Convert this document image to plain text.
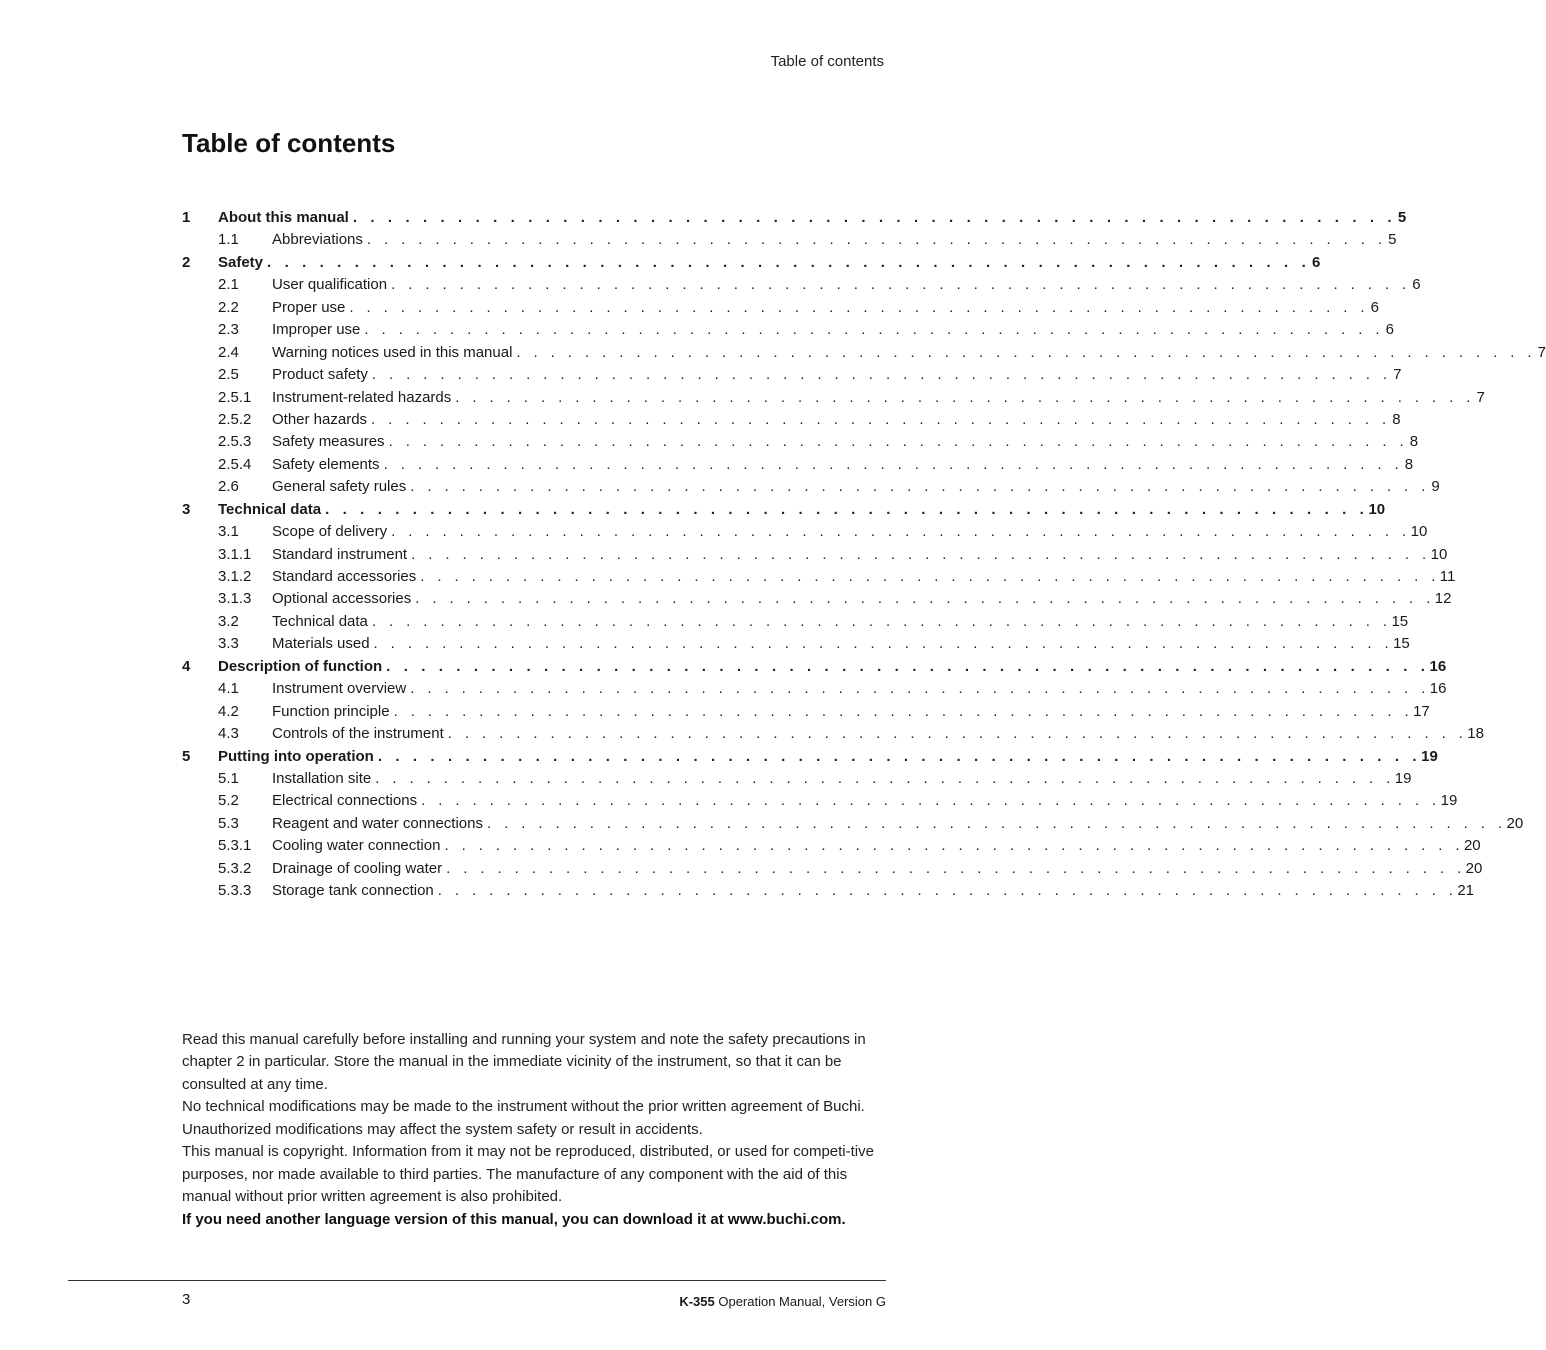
Table of contents
Table of contents
1	About this manual . . . . . . . . . . . . . . . . . . . . . . . . . . . . . . . . . . . . . . . . . . . . . . . . . . . . . . . . . . . . 5
1.1	Abbreviations . . . . . . . . . . . . . . . . . . . . . . . . . . . . . . . . . . . . . . . . . . . . . . . . . . . . . . . . . . . . 5
2	Safety . . . . . . . . . . . . . . . . . . . . . . . . . . . . . . . . . . . . . . . . . . . . . . . . . . . . . . . . . . . . 6
2.1	User qualification . . . . . . . . . . . . . . . . . . . . . . . . . . . . . . . . . . . . . . . . . . . . . . . . . . . . . . . . . . . . 6
2.2	Proper use . . . . . . . . . . . . . . . . . . . . . . . . . . . . . . . . . . . . . . . . . . . . . . . . . . . . . . . . . . . . 6
2.3	Improper use . . . . . . . . . . . . . . . . . . . . . . . . . . . . . . . . . . . . . . . . . . . . . . . . . . . . . . . . . . . . 6
2.4	Warning notices used in this manual . . . . . . . . . . . . . . . . . . . . . . . . . . . . . . . . . . . . . . . . . . . . . . . . . . . . . . . . . . . . 7
2.5	Product safety . . . . . . . . . . . . . . . . . . . . . . . . . . . . . . . . . . . . . . . . . . . . . . . . . . . . . . . . . . . . 7
2.5.1	Instrument-related hazards . . . . . . . . . . . . . . . . . . . . . . . . . . . . . . . . . . . . . . . . . . . . . . . . . . . . . . . . . . . . 7
2.5.2	Other hazards . . . . . . . . . . . . . . . . . . . . . . . . . . . . . . . . . . . . . . . . . . . . . . . . . . . . . . . . . . . . 8
2.5.3	Safety measures . . . . . . . . . . . . . . . . . . . . . . . . . . . . . . . . . . . . . . . . . . . . . . . . . . . . . . . . . . . . 8
2.5.4	Safety elements . . . . . . . . . . . . . . . . . . . . . . . . . . . . . . . . . . . . . . . . . . . . . . . . . . . . . . . . . . . . 8
2.6	General safety rules . . . . . . . . . . . . . . . . . . . . . . . . . . . . . . . . . . . . . . . . . . . . . . . . . . . . . . . . . . . . 9
3	Technical data . . . . . . . . . . . . . . . . . . . . . . . . . . . . . . . . . . . . . . . . . . . . . . . . . . . . . . . . . . . . 10
3.1	Scope of delivery . . . . . . . . . . . . . . . . . . . . . . . . . . . . . . . . . . . . . . . . . . . . . . . . . . . . . . . . . . . . 10
3.1.1	Standard instrument . . . . . . . . . . . . . . . . . . . . . . . . . . . . . . . . . . . . . . . . . . . . . . . . . . . . . . . . . . . . 10
3.1.2	Standard accessories . . . . . . . . . . . . . . . . . . . . . . . . . . . . . . . . . . . . . . . . . . . . . . . . . . . . . . . . . . . . 11
3.1.3	Optional accessories . . . . . . . . . . . . . . . . . . . . . . . . . . . . . . . . . . . . . . . . . . . . . . . . . . . . . . . . . . . . 12
3.2	Technical data . . . . . . . . . . . . . . . . . . . . . . . . . . . . . . . . . . . . . . . . . . . . . . . . . . . . . . . . . . . . 15
3.3	Materials used . . . . . . . . . . . . . . . . . . . . . . . . . . . . . . . . . . . . . . . . . . . . . . . . . . . . . . . . . . . . 15
4	Description of function . . . . . . . . . . . . . . . . . . . . . . . . . . . . . . . . . . . . . . . . . . . . . . . . . . . . . . . . . . . . 16
4.1	Instrument overview . . . . . . . . . . . . . . . . . . . . . . . . . . . . . . . . . . . . . . . . . . . . . . . . . . . . . . . . . . . . 16
4.2	Function principle . . . . . . . . . . . . . . . . . . . . . . . . . . . . . . . . . . . . . . . . . . . . . . . . . . . . . . . . . . . . 17
4.3	Controls of the instrument . . . . . . . . . . . . . . . . . . . . . . . . . . . . . . . . . . . . . . . . . . . . . . . . . . . . . . . . . . . . 18
5	Putting into operation . . . . . . . . . . . . . . . . . . . . . . . . . . . . . . . . . . . . . . . . . . . . . . . . . . . . . . . . . . . . 19
5.1	Installation site . . . . . . . . . . . . . . . . . . . . . . . . . . . . . . . . . . . . . . . . . . . . . . . . . . . . . . . . . . . . 19
5.2	Electrical connections . . . . . . . . . . . . . . . . . . . . . . . . . . . . . . . . . . . . . . . . . . . . . . . . . . . . . . . . . . . . 19
5.3	Reagent and water connections . . . . . . . . . . . . . . . . . . . . . . . . . . . . . . . . . . . . . . . . . . . . . . . . . . . . . . . . . . . . 20
5.3.1	Cooling water connection . . . . . . . . . . . . . . . . . . . . . . . . . . . . . . . . . . . . . . . . . . . . . . . . . . . . . . . . . . . . 20
5.3.2	Drainage of cooling water . . . . . . . . . . . . . . . . . . . . . . . . . . . . . . . . . . . . . . . . . . . . . . . . . . . . . . . . . . . . 20
5.3.3	Storage tank connection . . . . . . . . . . . . . . . . . . . . . . . . . . . . . . . . . . . . . . . . . . . . . . . . . . . . . . . . . . . . 21

Read this manual carefully before installing and running your system and note the safety precautions in chapter 2 in particular. Store the manual in the immediate vicinity of the instrument, so that it can be consulted at any time.

No technical modifications may be made to the instrument without the prior written agreement of Buchi. Unauthorized modifications may affect the system safety or result in accidents.

This manual is copyright. Information from it may not be reproduced, distributed, or used for competi-tive purposes, nor made available to third parties. The manufacture of any component with the aid of this manual without prior written agreement is also prohibited.

If you need another language version of this manual, you can download it at www.buchi.com.

3	K-355 Operation Manual, Version G
